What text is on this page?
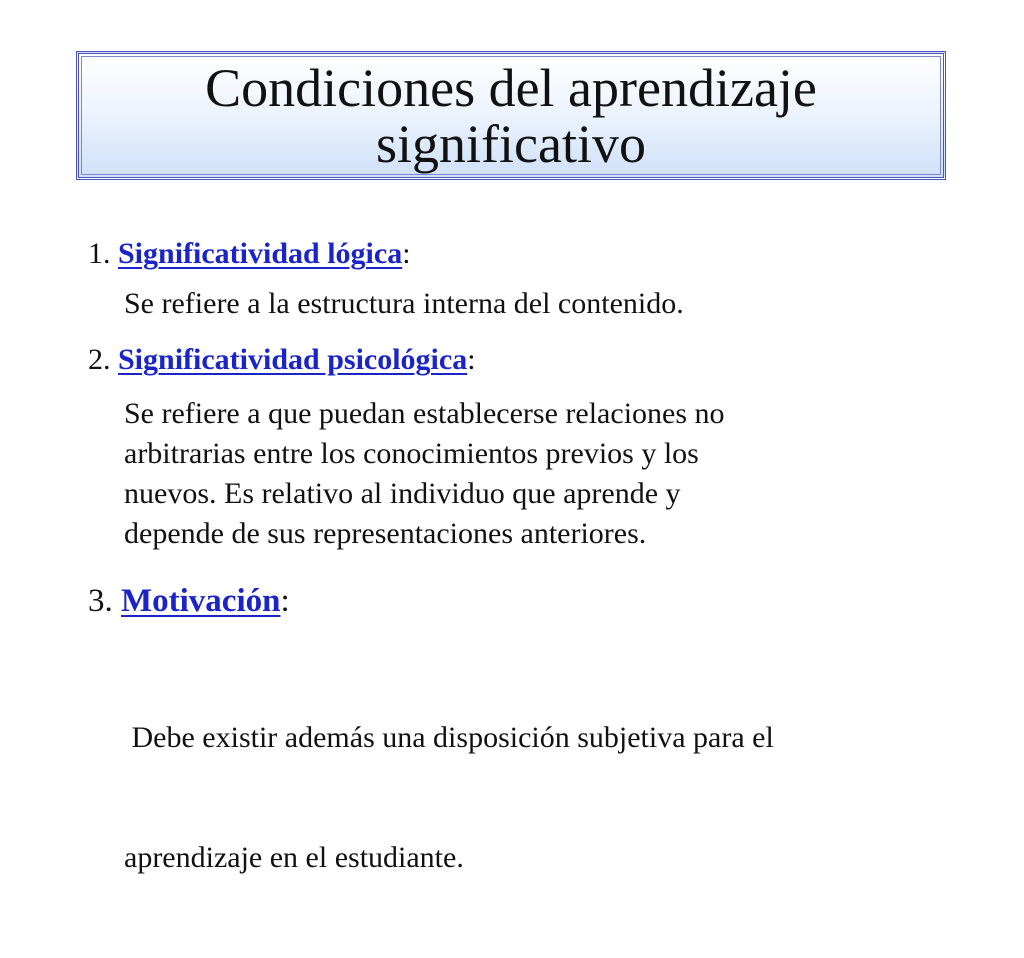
Condiciones del aprendizaje
significativo
1. Significatividad lógica:
Se refiere a la estructura interna del contenido.
2. Significatividad psicológica:
Se refiere a que puedan establecerse relaciones no
arbitrarias entre los conocimientos previos y los
nuevos. Es relativo al individuo que aprende y
depende de sus representaciones anteriores.
3. Motivación:

Debe existir además una disposición subjetiva para el

aprendizaje en el estudiante.
